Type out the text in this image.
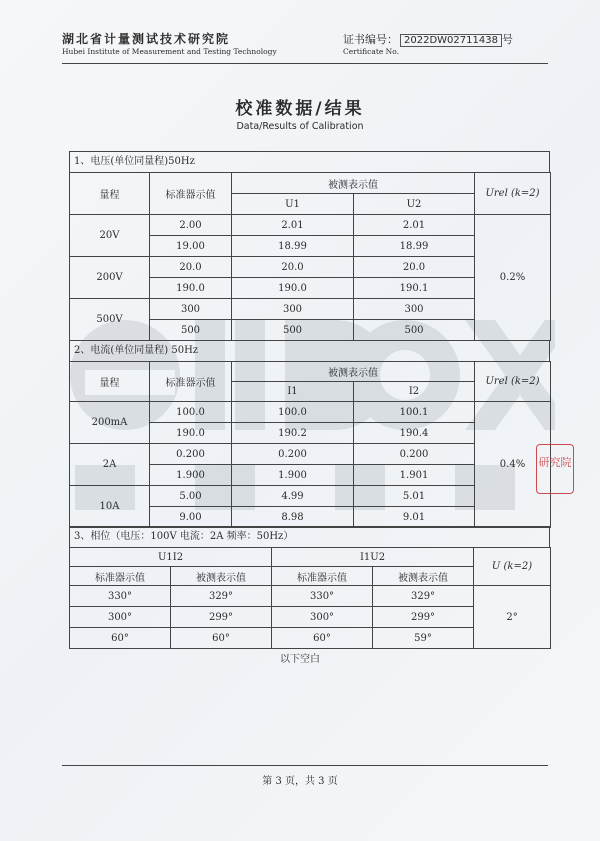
湖北省计量测试技术研究院
Hubei Institute of Measurement and Testing Technology
证书编号： 2022DW02711438 号
Certificate No.
校准数据/结果
Data/Results of Calibration
1、电压(单位同量程)50Hz
量程	标准器示值	被测表示值		Urel (k=2)
		U1	U2	
20V	2.00	2.01	2.01	0.2%
	19.00	18.99	18.99	
200V	20.0	20.0	20.0	
	190.0	190.0	190.1	
500V	300	300	300	
	500	500	500	
2、电流(单位同量程) 50Hz
量程	标准器示值	被测表示值		Urel (k=2)
		I1	I2	
200mA	100.0	100.0	100.1	0.4%
	190.0	190.2	190.4	
2A	0.200	0.200	0.200	
	1.900	1.900	1.901	
10A	5.00	4.99	5.01	
	9.00	8.98	9.01	
3、相位（电压：100V 电流：2A 频率：50Hz）
U1I2		I1U2		U (k=2)
标准器示值	被测表示值	标准器示值	被测表示值	
330°	329°	330°	329°	2°
300°	299°	300°	299°	
60°	60°	60°	59°	
以下空白
研究院
第 3 页，共 3 页
